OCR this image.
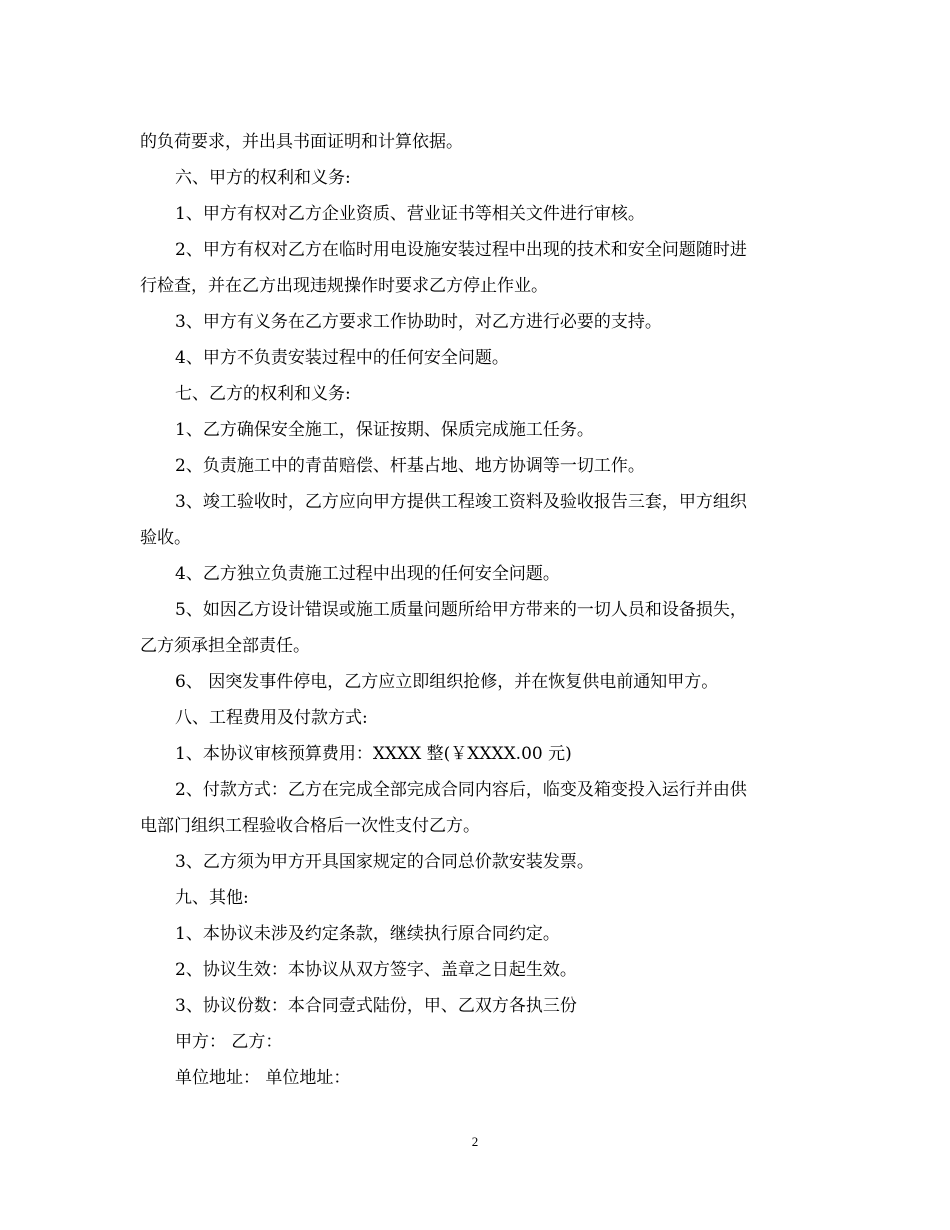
的负荷要求，并出具书面证明和计算依据。
六、甲方的权利和义务:
1、甲方有权对乙方企业资质、营业证书等相关文件进行审核。
2、甲方有权对乙方在临时用电设施安装过程中出现的技术和安全问题随时进
行检查，并在乙方出现违规操作时要求乙方停止作业。
3、甲方有义务在乙方要求工作协助时，对乙方进行必要的支持。
4、甲方不负责安装过程中的任何安全问题。
七、乙方的权利和义务:
1、乙方确保安全施工，保证按期、保质完成施工任务。
2、负责施工中的青苗赔偿、杆基占地、地方协调等一切工作。
3、竣工验收时，乙方应向甲方提供工程竣工资料及验收报告三套，甲方组织
验收。
4、乙方独立负责施工过程中出现的任何安全问题。
5、如因乙方设计错误或施工质量问题所给甲方带来的一切人员和设备损失，
乙方须承担全部责任。
6、 因突发事件停电，乙方应立即组织抢修，并在恢复供电前通知甲方。
八、工程费用及付款方式:
1、本协议审核预算费用：XXXX 整(￥XXXX.00 元)
2、付款方式：乙方在完成全部完成合同内容后，临变及箱变投入运行并由供
电部门组织工程验收合格后一次性支付乙方。
3、乙方须为甲方开具国家规定的合同总价款安装发票。
九、其他:
1、本协议未涉及约定条款，继续执行原合同约定。
2、协议生效：本协议从双方签字、盖章之日起生效。
3、协议份数：本合同壹式陆份，甲、乙双方各执三份
甲方： 乙方：
单位地址： 单位地址：
2
